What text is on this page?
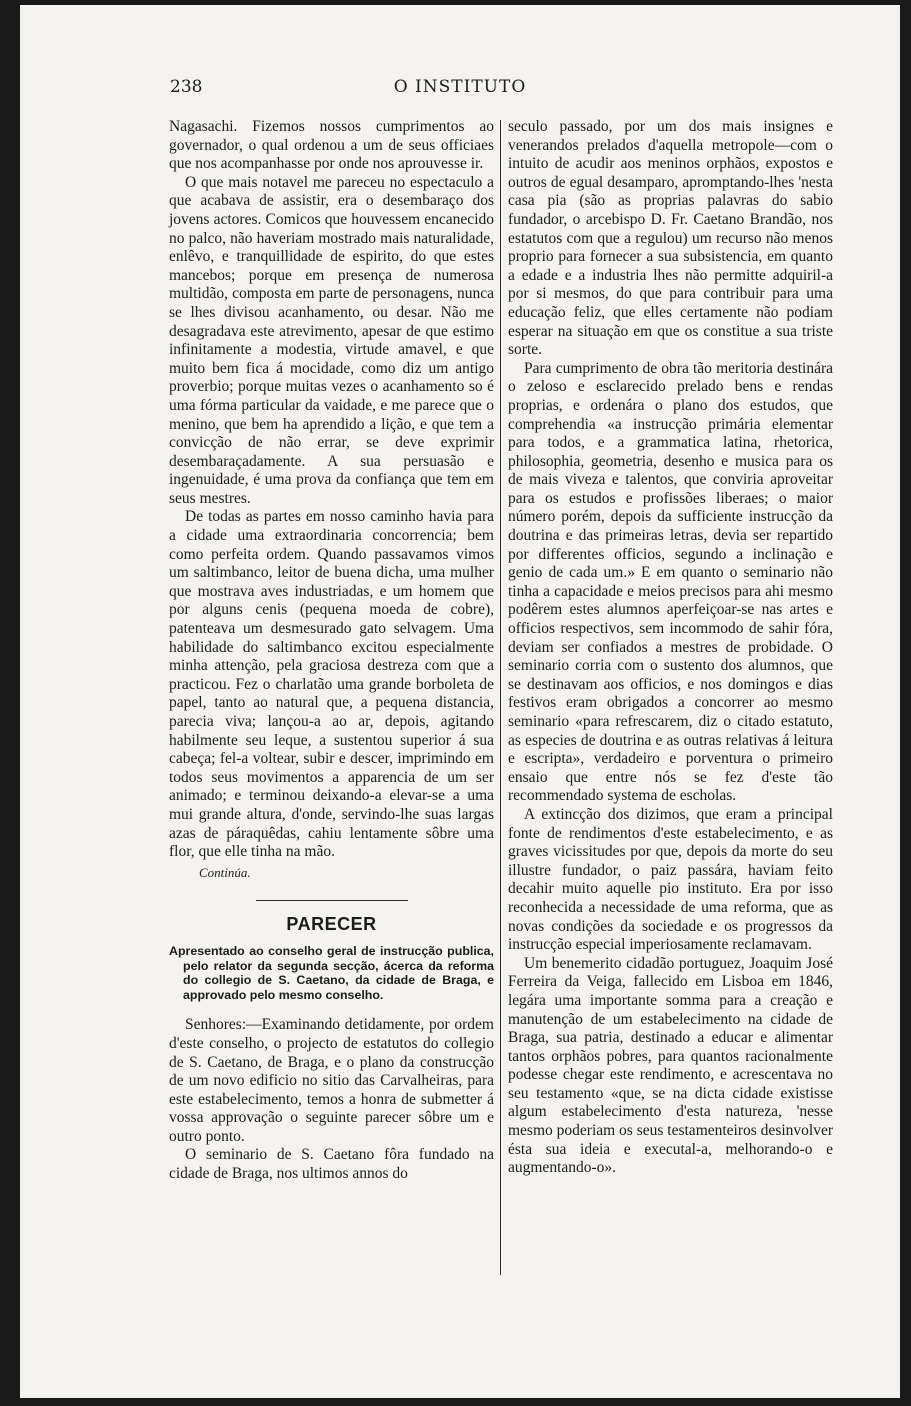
238	O INSTITUTO

Nagasachi. Fizemos nossos cumprimentos ao governador, o qual ordenou a um de seus officiaes que nos acompanhasse por onde nos aprouvesse ir.

O que mais notavel me pareceu no espectaculo a que acabava de assistir, era o desembaraço dos jovens actores. Comicos que houvessem encanecido no palco, não haveriam mostrado mais naturalidade, enlêvo, e tranquillidade de espirito, do que estes mancebos; porque em presença de numerosa multidão, composta em parte de personagens, nunca se lhes divisou acanhamento, ou desar. Não me desagradava este atrevimento, apesar de que estimo infinitamente a modestia, virtude amavel, e que muito bem fica á mocidade, como diz um antigo proverbio; porque muitas vezes o acanhamento so é uma fórma particular da vaidade, e me parece que o menino, que bem ha aprendido a lição, e que tem a convicção de não errar, se deve exprimir desembaraçadamente. A sua persuasão e ingenuidade, é uma prova da confiança que tem em seus mestres.

De todas as partes em nosso caminho havia para a cidade uma extraordinaria concorrencia; bem como perfeita ordem. Quando passavamos vimos um saltimbanco, leitor de buena dicha, uma mulher que mostrava aves industriadas, e um homem que por alguns cenis (pequena moeda de cobre), patenteava um desmesurado gato selvagem. Uma habilidade do saltimbanco excitou especialmente minha attenção, pela graciosa destreza com que a practicou. Fez o charlatão uma grande borboleta de papel, tanto ao natural que, a pequena distancia, parecia viva; lançou-a ao ar, depois, agitando habilmente seu leque, a sustentou superior á sua cabeça; fel-a voltear, subir e descer, imprimindo em todos seus movimentos a apparencia de um ser animado; e terminou deixando-a elevar-se a uma mui grande altura, d'onde, servindo-lhe suas largas azas de páraquêdas, cahiu lentamente sôbre uma flor, que elle tinha na mão.

Continúa.
PARECER
Apresentado ao conselho geral de instrucção publica, pelo relator da segunda secção, ácerca da reforma do collegio de S. Caetano, da cidade de Braga, e approvado pelo mesmo conselho.

Senhores:—Examinando detidamente, por ordem d'este conselho, o projecto de estatutos do collegio de S. Caetano, de Braga, e o plano da construcção de um novo edificio no sitio das Carvalheiras, para este estabelecimento, temos a honra de submetter á vossa approvação o seguinte parecer sôbre um e outro ponto.

O seminario de S. Caetano fôra fundado na cidade de Braga, nos ultimos annos do

seculo passado, por um dos mais insignes e venerandos prelados d'aquella metropole—com o intuito de acudir aos meninos orphãos, expostos e outros de egual desamparo, apromptando-lhes 'nesta casa pia (são as proprias palavras do sabio fundador, o arcebispo D. Fr. Caetano Brandão, nos estatutos com que a regulou) um recurso não menos proprio para fornecer a sua subsistencia, em quanto a edade e a industria lhes não permitte adquiril-a por si mesmos, do que para contribuir para uma educação feliz, que elles certamente não podiam esperar na situação em que os constitue a sua triste sorte.

Para cumprimento de obra tão meritoria destinára o zeloso e esclarecido prelado bens e rendas proprias, e ordenára o plano dos estudos, que comprehendia «a instrucção primária elementar para todos, e a grammatica latina, rhetorica, philosophia, geometria, desenho e musica para os de mais viveza e talentos, que conviria aproveitar para os estudos e profissões liberaes; o maior número porém, depois da sufficiente instrucção da doutrina e das primeiras letras, devia ser repartido por differentes officios, segundo a inclinação e genio de cada um.» E em quanto o seminario não tinha a capacidade e meios precisos para ahi mesmo podêrem estes alumnos aperfeiçoar-se nas artes e officios respectivos, sem incommodo de sahir fóra, deviam ser confiados a mestres de probidade. O seminario corria com o sustento dos alumnos, que se destinavam aos officios, e nos domingos e dias festivos eram obrigados a concorrer ao mesmo seminario «para refrescarem, diz o citado estatuto, as especies de doutrina e as outras relativas á leitura e escripta», verdadeiro e porventura o primeiro ensaio que entre nós se fez d'este tão recommendado systema de escholas.

A extincção dos dizimos, que eram a principal fonte de rendimentos d'este estabelecimento, e as graves vicissitudes por que, depois da morte do seu illustre fundador, o paiz passára, haviam feito decahir muito aquelle pio instituto. Era por isso reconhecida a necessidade de uma reforma, que as novas condições da sociedade e os progressos da instrucção especial imperiosamente reclamavam.

Um benemerito cidadão portuguez, Joaquim José Ferreira da Veiga, fallecido em Lisboa em 1846, legára uma importante somma para a creação e manutenção de um estabelecimento na cidade de Braga, sua patria, destinado a educar e alimentar tantos orphãos pobres, para quantos racionalmente podesse chegar este rendimento, e acrescentava no seu testamento «que, se na dicta cidade existisse algum estabelecimento d'esta natureza, 'nesse mesmo poderiam os seus testamenteiros desinvolver ésta sua ideia e executal-a, melhorando-o e augmentando-o».
